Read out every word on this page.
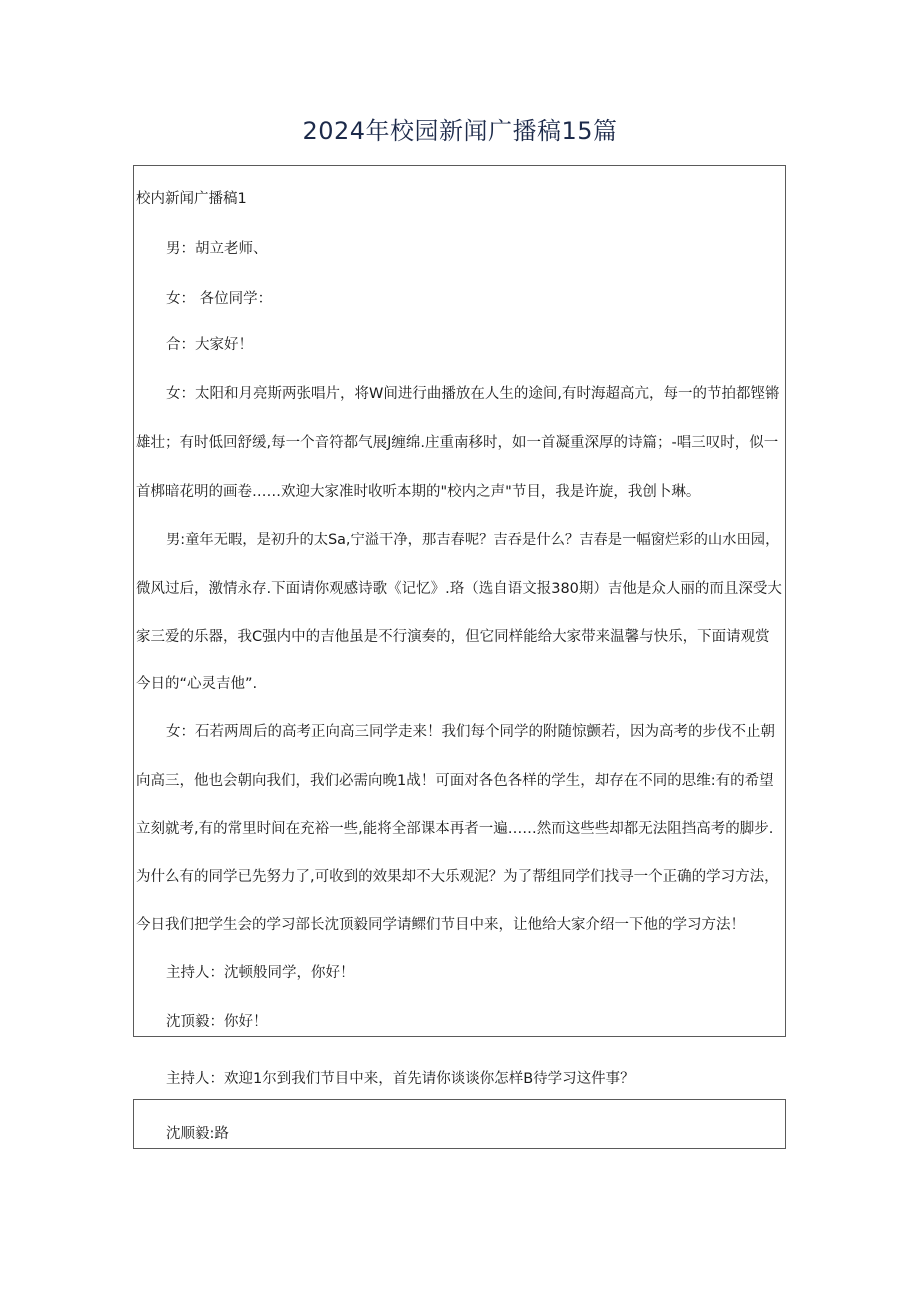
2024年校园新闻广播稿15篇
校内新闻广播稿1
男：胡立老师、
女： 各位同学：
合：大家好！
女：太阳和月亮斯两张唱片，将W间进行曲播放在人生的途间,有时海超高亢，每一的节拍都铿锵
雄壮；有时低回舒缓,每一个音符都气展J缠绵.庄重南移时，如一首凝重深厚的诗篇；-唱三叹时，似一
首梆暗花明的画卷……欢迎大家准时收听本期的"校内之声"节目，我是许旋，我创卜琳。
男:童年无暇，是初升的太Sa,宁溢干净，那吉春呢？吉吞是什么？吉春是一幅窗烂彩的山水田园，
微风过后，激情永存.下面请你观感诗歌《记忆》.珞（选自语文报380期）吉他是众人丽的而且深受大
家三爱的乐器，我C强内中的吉他虽是不行演奏的，但它同样能给大家带来温馨与快乐，下面请观赏
今日的“心灵吉他”.
女：石若两周后的高考正向高三同学走来！我们每个同学的附随惊颤若，因为高考的步伐不止朝
向高三，他也会朝向我们，我们必需向晚1战！可面对各色各样的学生，却存在不同的思维:有的希望
立刻就考,有的常里时间在充裕一些,能将全部课本再者一遍……然而这些些却都无法阻挡高考的脚步.
为什么有的同学已先努力了,可收到的效果却不大乐观泥？为了帮组同学们找寻一个正确的学习方法，
今日我们把学生会的学习部长沈顶毅同学请鳏们节目中来，让他给大家介绍一下他的学习方法！
主持人：沈顿般同学，你好！
沈顶毅：你好！
主持人：欢迎1尔到我们节目中来，首先请你谈谈你怎样B待学习这件事？
沈顺毅:路
